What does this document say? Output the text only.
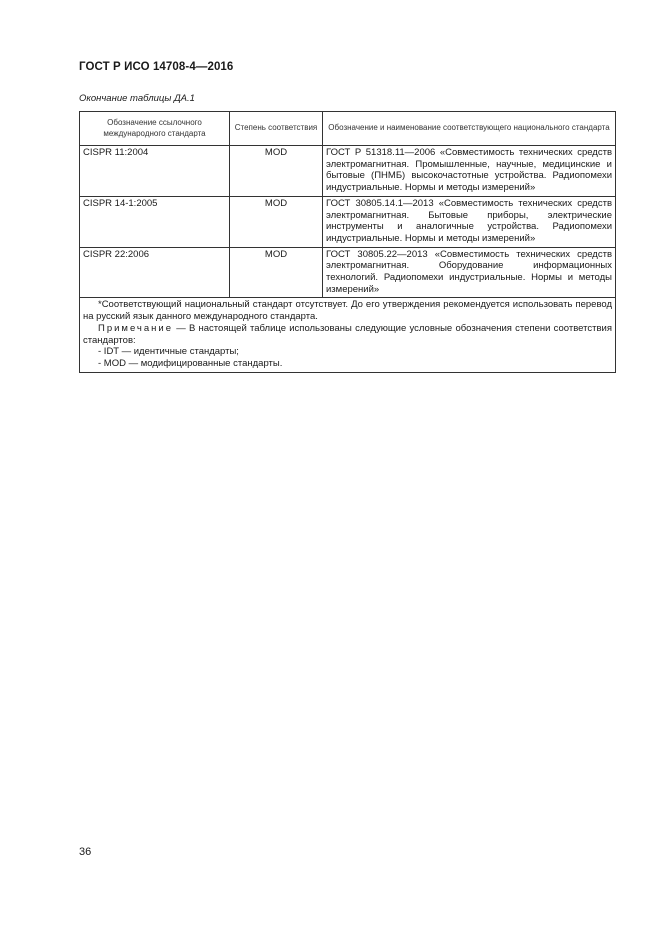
ГОСТ Р ИСО 14708-4—2016
Окончание таблицы ДА.1
Обозначение ссылочного международного стандарта	Степень соответствия	Обозначение и наименование соответствующего национального стандарта
CISPR 11:2004	MOD	ГОСТ Р 51318.11—2006 «Совместимость технических средств электромагнитная. Промышленные, научные, медицинские и бытовые (ПНМБ) высокочастотные устройства. Радиопомехи индустриальные. Нормы и методы измерений»
CISPR 14-1:2005	MOD	ГОСТ 30805.14.1—2013 «Совместимость технических средств электромагнитная. Бытовые приборы, электрические инструменты и аналогичные устройства. Радиопомехи индустриальные. Нормы и методы измерений»
CISPR 22:2006	MOD	ГОСТ 30805.22—2013 «Совместимость технических средств электромагнитная. Оборудование информационных технологий. Радиопомехи индустриальные. Нормы и методы измерений»

*Соответствующий национальный стандарт отсутствует. До его утверждения рекомендуется использовать перевод на русский язык данного международного стандарта.
Примечание — В настоящей таблице использованы следующие условные обозначения степени соответствия стандартов:
- IDT — идентичные стандарты;
- MOD — модифицированные стандарты.		
36
